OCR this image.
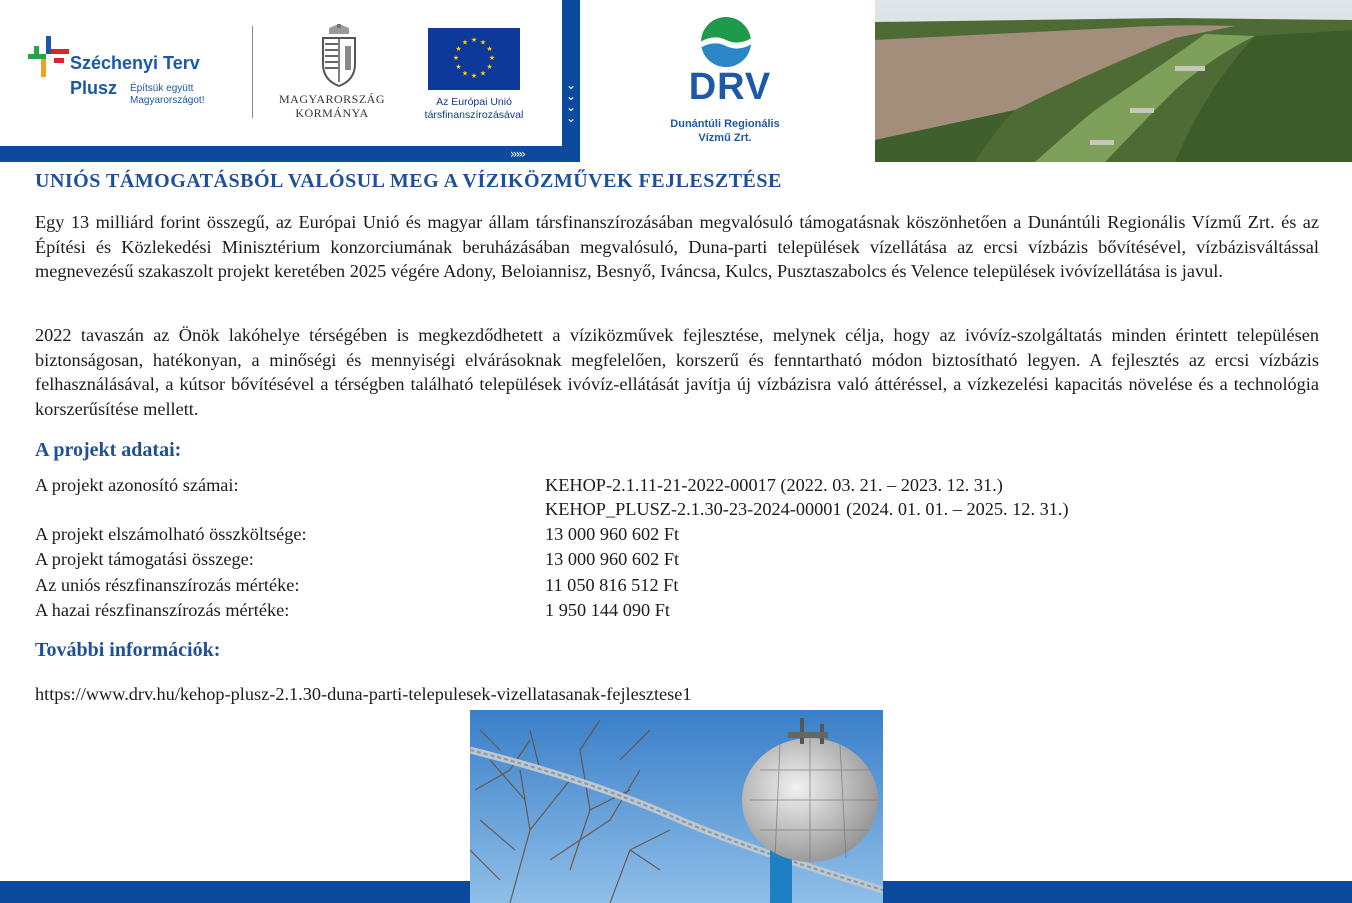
⌄
⌄
⌄
⌄
›››››
Széchenyi Terv
Plusz Építsük együtt
Magyarországot!	MAGYARORSZÁG
KORMÁNYA
★ ★
★
★
★
★
★
★
★
★
★
★
Az Európai Unió
társfinanszírozásával
DRV
Dunántúli Regionális
Vízmű Zrt.
UNIÓS TÁMOGATÁSBÓL VALÓSUL MEG A VÍZIKÖZMŰVEK FEJLESZTÉSE
Egy 13 milliárd forint összegű, az Európai Unió és magyar állam társfinanszírozásában megvalósuló támogatásnak köszönhetően a Dunántúli Regionális Vízmű Zrt. és az Építési és Közlekedési Minisztérium konzorciumának beruházásában megvalósuló, Duna-parti települések vízellátása az ercsi vízbázis bővítésével, vízbázisváltással megnevezésű szakaszolt projekt keretében 2025 végére Adony, Beloiannisz, Besnyő, Iváncsa, Kulcs, Pusztaszabolcs és Velence települések ivóvízellátása is javul.
2022 tavaszán az Önök lakóhelye térségében is megkezdődhetett a víziközművek fejlesztése, melynek célja, hogy az ivóvíz-szolgáltatás minden érintett településen biztonságosan, hatékonyan, a minőségi és mennyiségi elvárásoknak megfelelően, korszerű és fenntartható módon biztosítható legyen. A fejlesztés az ercsi vízbázis felhasználásával, a kútsor bővítésével a térségben található települések ivóvíz-ellátását javítja új vízbázisra való áttéréssel, a vízkezelési kapacitás növelése és a technológia korszerűsítése mellett.
A projekt adatai:
A projekt azonosító számai:	KEHOP-2.1.11-21-2022-00017 (2022. 03. 21. – 2023. 12. 31.)
KEHOP_PLUSZ-2.1.30-23-2024-00001 (2024. 01. 01. – 2025. 12. 31.)
A projekt elszámolható összköltsége:	13 000 960 602 Ft
A projekt támogatási összege:	13 000 960 602 Ft
Az uniós részfinanszírozás mértéke:	11 050 816 512 Ft
A hazai részfinanszírozás mértéke:	1 950 144 090 Ft
További információk:
https://www.drv.hu/kehop-plusz-2.1.30-duna-parti-telepulesek-vizellatasanak-fejlesztese1
